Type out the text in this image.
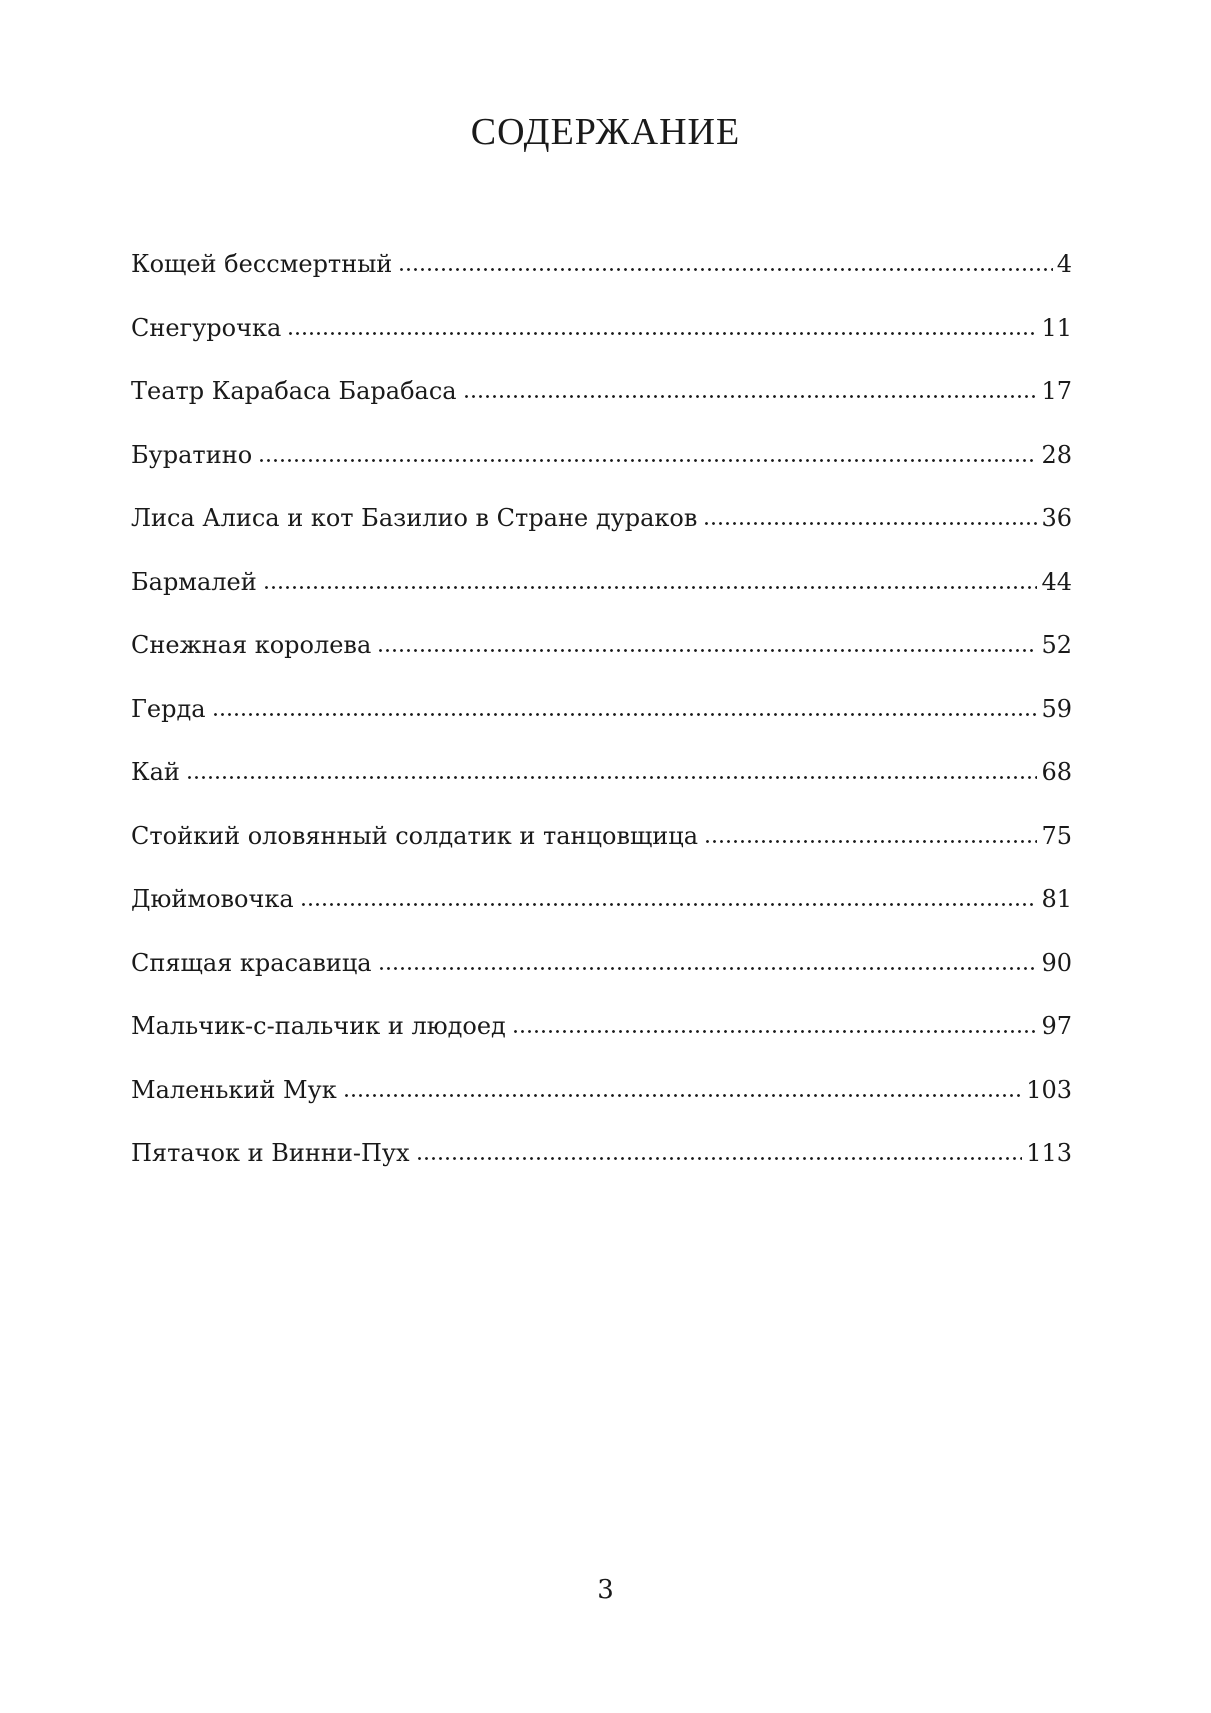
СОДЕРЖАНИЕ
Кощей бессмертный	4
Снегурочка	11
Театр Карабаса Барабаса	17
Буратино	28
Лиса Алиса и кот Базилио в Стране дураков	36
Бармалей	44
Снежная королева	52
Герда	59
Кай	68
Стойкий оловянный солдатик и танцовщица	75
Дюймовочка	81
Спящая красавица	90
Мальчик-с-пальчик и людоед	97
Маленький Мук	103
Пятачок и Винни-Пух	113
3
